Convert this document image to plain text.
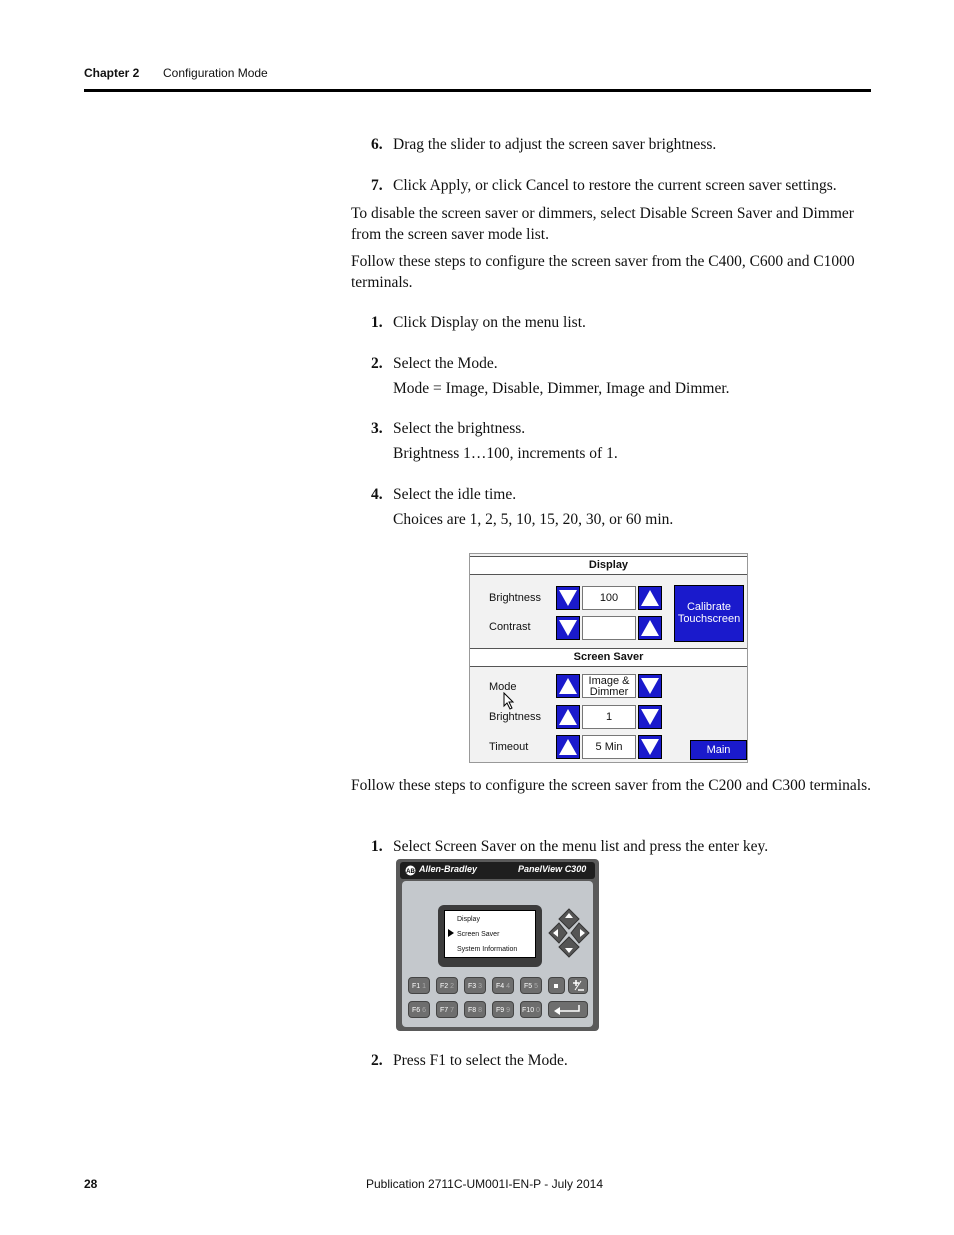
Chapter 2 Configuration Mode
6. Drag the slider to adjust the screen saver brightness.
7. Click Apply, or click Cancel to restore the current screen saver settings.
To disable the screen saver or dimmers, select Disable Screen Saver and Dimmer from the screen saver mode list.
Follow these steps to configure the screen saver from the C400, C600 and C1000 terminals.
1. Click Display on the menu list.
2. Select the Mode.
Mode = Image, Disable, Dimmer, Image and Dimmer.
3. Select the brightness.
Brightness 1…100, increments of 1.
4. Select the idle time.
Choices are 1, 2, 5, 10, 15, 20, 30, or 60 min.
Display
Brightness	100
Contrast
Calibrate
Touchscreen
Screen Saver
Mode	Image &
Dimmer
Brightness	1
Timeout	5 Min	Main
Follow these steps to configure the screen saver from the C200 and C300 terminals.
1. Select Screen Saver on the menu list and press the enter key.
AB Allen-Bradley	PanelView C300
Display
Screen Saver
System Information
F1 1	F2 2	F3 3	F4 4	F5 5
F6 6	F7 7	F8 8	F9 9	F10 0
2. Press F1 to select the Mode.
28	Publication 2711C-UM001I-EN-P - July 2014
